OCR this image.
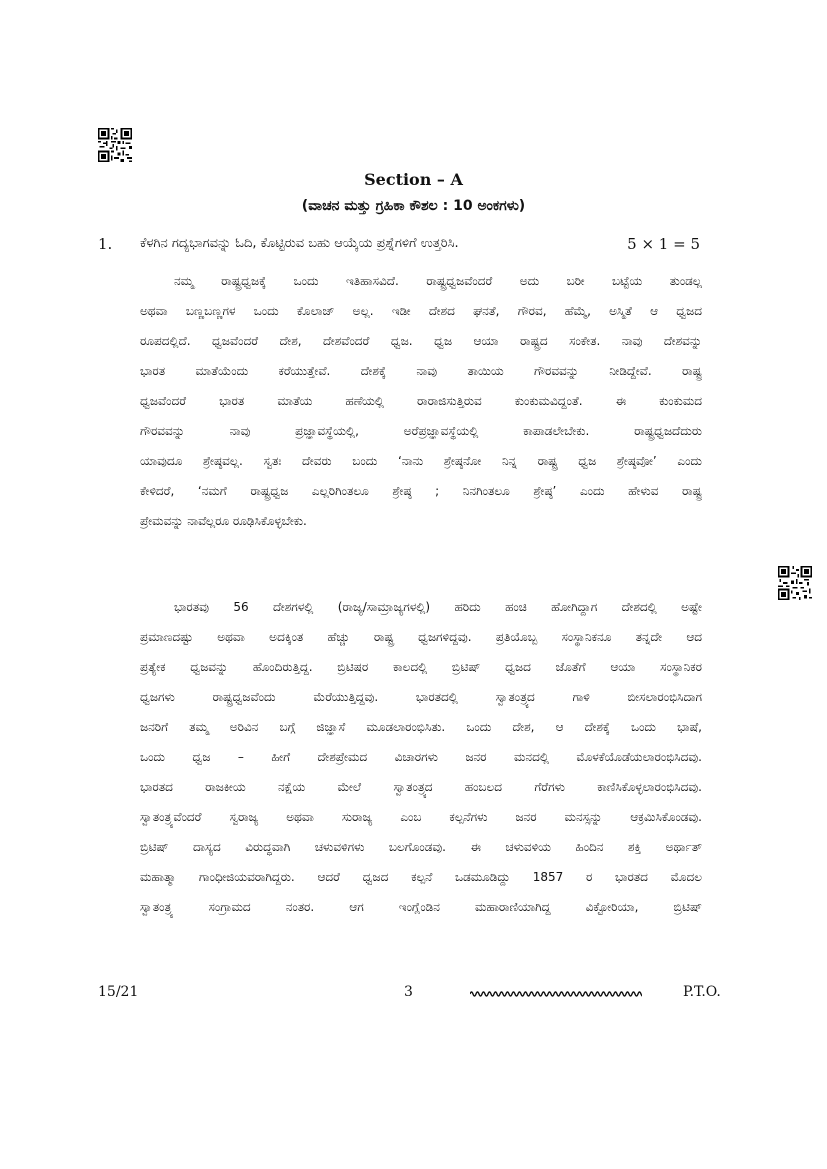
Section – A
(ವಾಚನ ಮತ್ತು ಗ್ರಹಿಕಾ ಕೌಶಲ : 10 ಅಂಕಗಳು)
1. ಕೆಳಗಿನ ಗದ್ಯಭಾಗವನ್ನು ಓದಿ, ಕೊಟ್ಟಿರುವ ಬಹು ಆಯ್ಕೆಯ ಪ್ರಶ್ನೆಗಳಿಗೆ ಉತ್ತರಿಸಿ.	5 × 1 = 5
ನಮ್ಮ ರಾಷ್ಟ್ರಧ್ವಜಕ್ಕೆ ಒಂದು ಇತಿಹಾಸವಿದೆ. ರಾಷ್ಟ್ರಧ್ವಜವೆಂದರೆ ಅದು ಬರೀ ಬಟ್ಟೆಯ ತುಂಡಲ್ಲ
ಅಥವಾ ಬಣ್ಣಬಣ್ಣಗಳ ಒಂದು ಕೊಲಾಜ್ ಅಲ್ಲ. ಇಡೀ ದೇಶದ ಘನತೆ, ಗೌರವ, ಹೆಮ್ಮೆ, ಅಸ್ಮಿತೆ ಆ ಧ್ವಜದ
ರೂಪದಲ್ಲಿದೆ. ಧ್ವಜವೆಂದರೆ ದೇಶ, ದೇಶವೆಂದರೆ ಧ್ವಜ. ಧ್ವಜ ಆಯಾ ರಾಷ್ಟ್ರದ ಸಂಕೇತ. ನಾವು ದೇಶವನ್ನು
ಭಾರತ ಮಾತೆಯೆಂದು ಕರೆಯುತ್ತೇವೆ. ದೇಶಕ್ಕೆ ನಾವು ತಾಯಿಯ ಗೌರವವನ್ನು ನೀಡಿದ್ದೇವೆ. ರಾಷ್ಟ್ರ
ಧ್ವಜವೆಂದರೆ ಭಾರತ ಮಾತೆಯ ಹಣೆಯಲ್ಲಿ ರಾರಾಜಿಸುತ್ತಿರುವ ಕುಂಕುಮವಿದ್ದಂತೆ. ಈ ಕುಂಕುಮದ
ಗೌರವವನ್ನು ನಾವು ಪ್ರಜ್ಞಾವಸ್ಥೆಯಲ್ಲಿ, ಅರೆಪ್ರಜ್ಞಾವಸ್ಥೆಯಲ್ಲಿ ಕಾಪಾಡಲೇಬೇಕು. ರಾಷ್ಟ್ರಧ್ವಜದೆದುರು
ಯಾವುದೂ ಶ್ರೇಷ್ಠವಲ್ಲ. ಸ್ವತಃ ದೇವರು ಬಂದು ‘ನಾನು ಶ್ರೇಷ್ಠನೋ ನಿನ್ನ ರಾಷ್ಟ್ರ ಧ್ವಜ ಶ್ರೇಷ್ಠವೋ’ ಎಂದು
ಕೇಳಿದರೆ, ‘ನಮಗೆ ರಾಷ್ಟ್ರಧ್ವಜ ಎಲ್ಲರಿಗಿಂತಲೂ ಶ್ರೇಷ್ಠ ; ನಿನಗಿಂತಲೂ ಶ್ರೇಷ್ಠ’ ಎಂದು ಹೇಳುವ ರಾಷ್ಟ್ರ
ಪ್ರೇಮವನ್ನು ನಾವೆಲ್ಲರೂ ರೂಢಿಸಿಕೊಳ್ಳಬೇಕು.
ಭಾರತವು 56 ದೇಶಗಳಲ್ಲಿ (ರಾಜ್ಯ/ಸಾಮ್ರಾಜ್ಯಗಳಲ್ಲಿ) ಹರಿದು ಹಂಚಿ ಹೋಗಿದ್ದಾಗ ದೇಶದಲ್ಲಿ ಅಷ್ಟೇ
ಪ್ರಮಾಣದಷ್ಟು ಅಥವಾ ಅದಕ್ಕಿಂತ ಹೆಚ್ಚು ರಾಷ್ಟ್ರ ಧ್ವಜಗಳಿದ್ದವು. ಪ್ರತಿಯೊಬ್ಬ ಸಂಸ್ಥಾನಿಕನೂ ತನ್ನದೇ ಆದ
ಪ್ರತ್ಯೇಕ ಧ್ವಜವನ್ನು ಹೊಂದಿರುತ್ತಿದ್ದ. ಬ್ರಿಟಿಷರ ಕಾಲದಲ್ಲಿ ಬ್ರಿಟಿಷ್ ಧ್ವಜದ ಜೊತೆಗೆ ಆಯಾ ಸಂಸ್ಥಾನಿಕರ
ಧ್ವಜಗಳು ರಾಷ್ಟ್ರಧ್ವಜವೆಂದು ಮೆರೆಯುತ್ತಿದ್ದವು. ಭಾರತದಲ್ಲಿ ಸ್ವಾತಂತ್ರ್ಯದ ಗಾಳಿ ಬೀಸಲಾರಂಭಿಸಿದಾಗ
ಜನರಿಗೆ ತಮ್ಮ ಅರಿವಿನ ಬಗ್ಗೆ ಜಿಜ್ಞಾಸೆ ಮೂಡಲಾರಂಭಿಸಿತು. ಒಂದು ದೇಶ, ಆ ದೇಶಕ್ಕೆ ಒಂದು ಭಾಷೆ,
ಒಂದು ಧ್ವಜ – ಹೀಗೆ ದೇಶಪ್ರೇಮದ ವಿಚಾರಗಳು ಜನರ ಮನದಲ್ಲಿ ಮೊಳಕೆಯೊಡೆಯಲಾರಂಭಿಸಿದವು.
ಭಾರತದ ರಾಜಕೀಯ ನಕ್ಷೆಯ ಮೇಲೆ ಸ್ವಾತಂತ್ರ್ಯದ ಹಂಬಲದ ಗೆರೆಗಳು ಕಾಣಿಸಿಕೊಳ್ಳಲಾರಂಭಿಸಿದವು.
ಸ್ವಾತಂತ್ರ್ಯವೆಂದರೆ ಸ್ವರಾಜ್ಯ ಅಥವಾ ಸುರಾಜ್ಯ ಎಂಬ ಕಲ್ಪನೆಗಳು ಜನರ ಮನಸ್ಸನ್ನು ಆಕ್ರಮಿಸಿಕೊಂಡವು.
ಬ್ರಿಟಿಷ್ ದಾಸ್ಯದ ವಿರುದ್ಧವಾಗಿ ಚಳುವಳಿಗಳು ಬಲಗೊಂಡವು. ಈ ಚಳುವಳಿಯ ಹಿಂದಿನ ಶಕ್ತಿ ಅರ್ಥಾತ್
ಮಹಾತ್ಮಾ ಗಾಂಧೀಜಿಯವರಾಗಿದ್ದರು. ಆದರೆ ಧ್ವಜದ ಕಲ್ಪನೆ ಒಡಮೂಡಿದ್ದು 1857 ರ ಭಾರತದ ಮೊದಲ
ಸ್ವಾತಂತ್ರ್ಯ ಸಂಗ್ರಾಮದ ನಂತರ. ಆಗ ಇಂಗ್ಲೆಂಡಿನ ಮಹಾರಾಣಿಯಾಗಿದ್ದ ವಿಕ್ಟೋರಿಯಾ, ಬ್ರಿಟಿಷ್
15/21	3	P.T.O.
